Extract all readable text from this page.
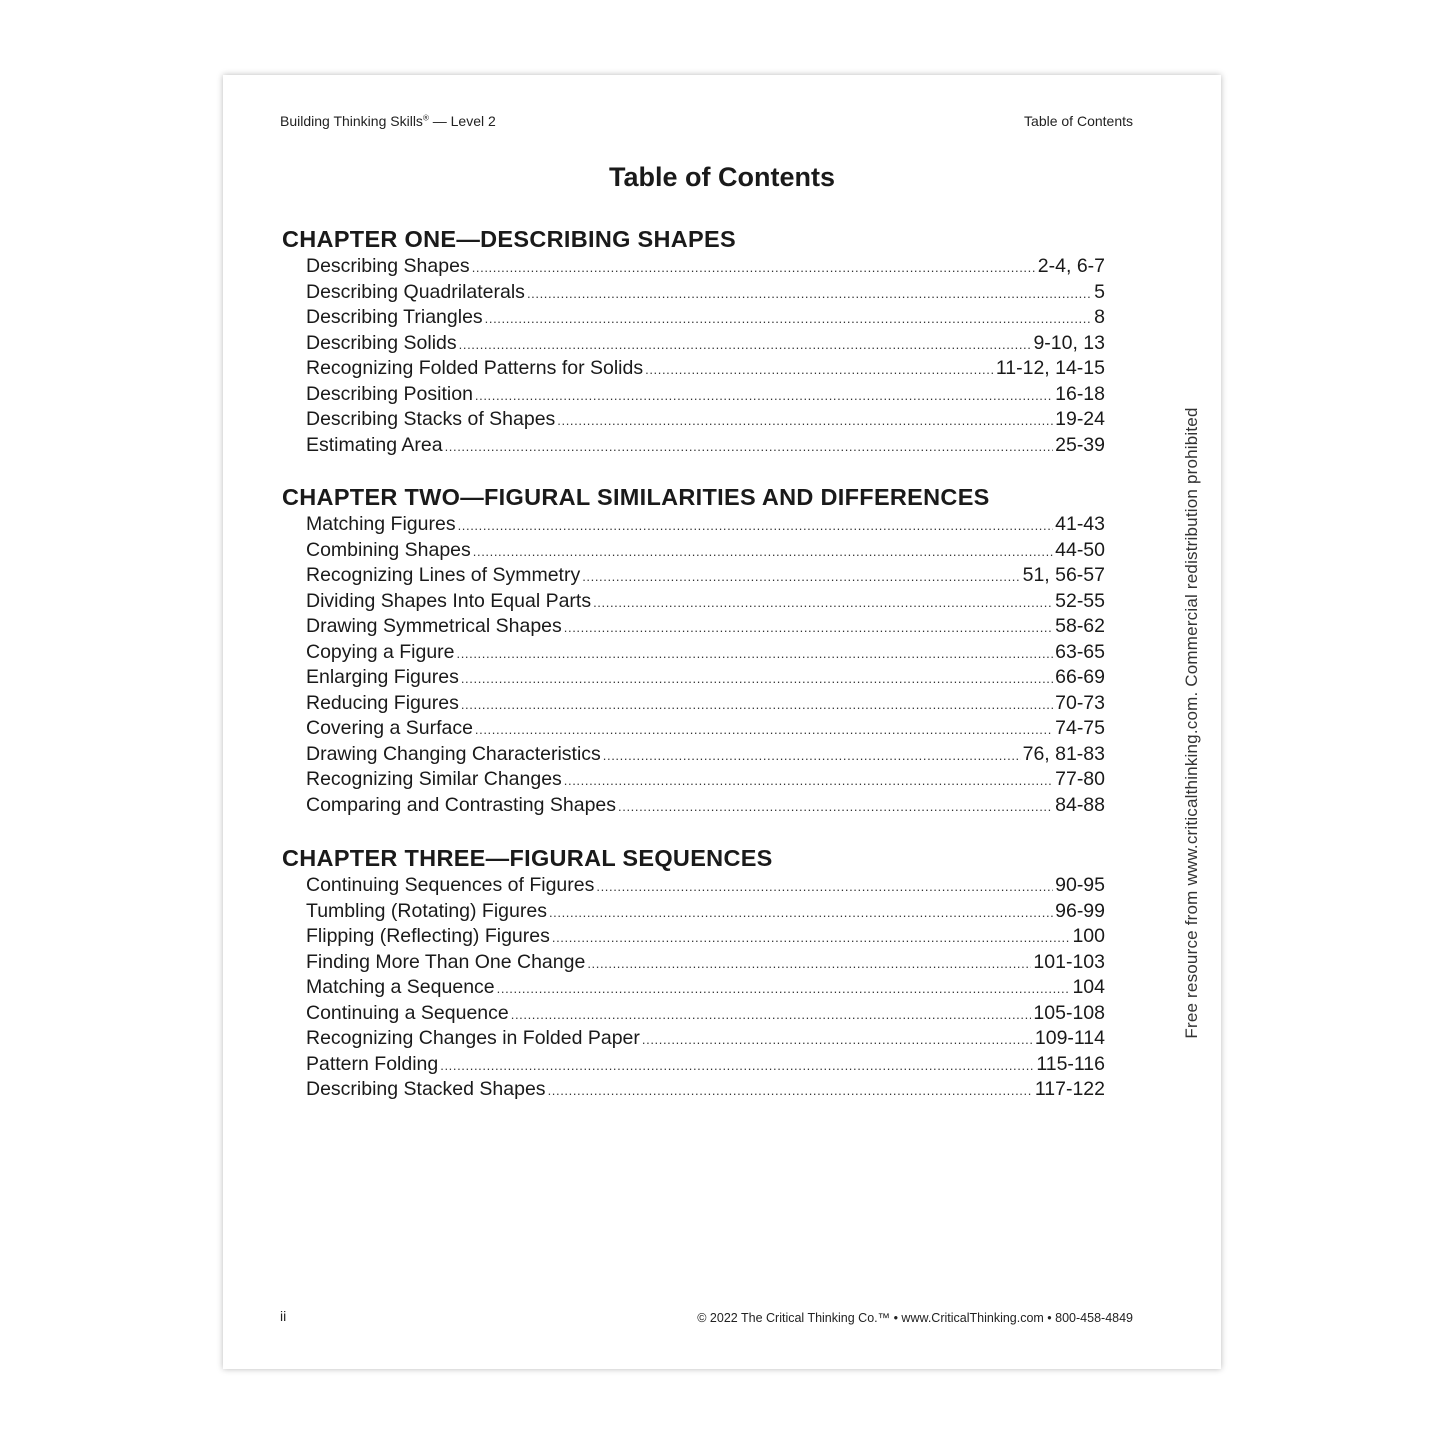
Building Thinking Skills® — Level 2	Table of Contents
Table of Contents
CHAPTER ONE—DESCRIBING SHAPES
Describing Shapes .....	2-4, 6-7
Describing Quadrilaterals .....	5
Describing Triangles .....	8
Describing Solids .....	9-10, 13
Recognizing Folded Patterns for Solids .....	11-12, 14-15
Describing Position .....	16-18
Describing Stacks of Shapes .....	19-24
Estimating Area .....	25-39
CHAPTER TWO—FIGURAL SIMILARITIES AND DIFFERENCES
Matching Figures .....	41-43
Combining Shapes .....	44-50
Recognizing Lines of Symmetry .....	51, 56-57
Dividing Shapes Into Equal Parts .....	52-55
Drawing Symmetrical Shapes .....	58-62
Copying a Figure .....	63-65
Enlarging Figures .....	66-69
Reducing Figures .....	70-73
Covering a Surface .....	74-75
Drawing Changing Characteristics .....	76, 81-83
Recognizing Similar Changes .....	77-80
Comparing and Contrasting Shapes .....	84-88
CHAPTER THREE—FIGURAL SEQUENCES
Continuing Sequences of Figures .....	90-95
Tumbling (Rotating) Figures .....	96-99
Flipping (Reflecting) Figures .....	100
Finding More Than One Change .....	101-103
Matching a Sequence .....	104
Continuing a Sequence .....	105-108
Recognizing Changes in Folded Paper .....	109-114
Pattern Folding .....	115-116
Describing Stacked Shapes .....	117-122
ii	© 2022 The Critical Thinking Co.™ • www.CriticalThinking.com • 800-458-4849
Free resource from www.criticalthinking.com. Commercial redistribution prohibited
